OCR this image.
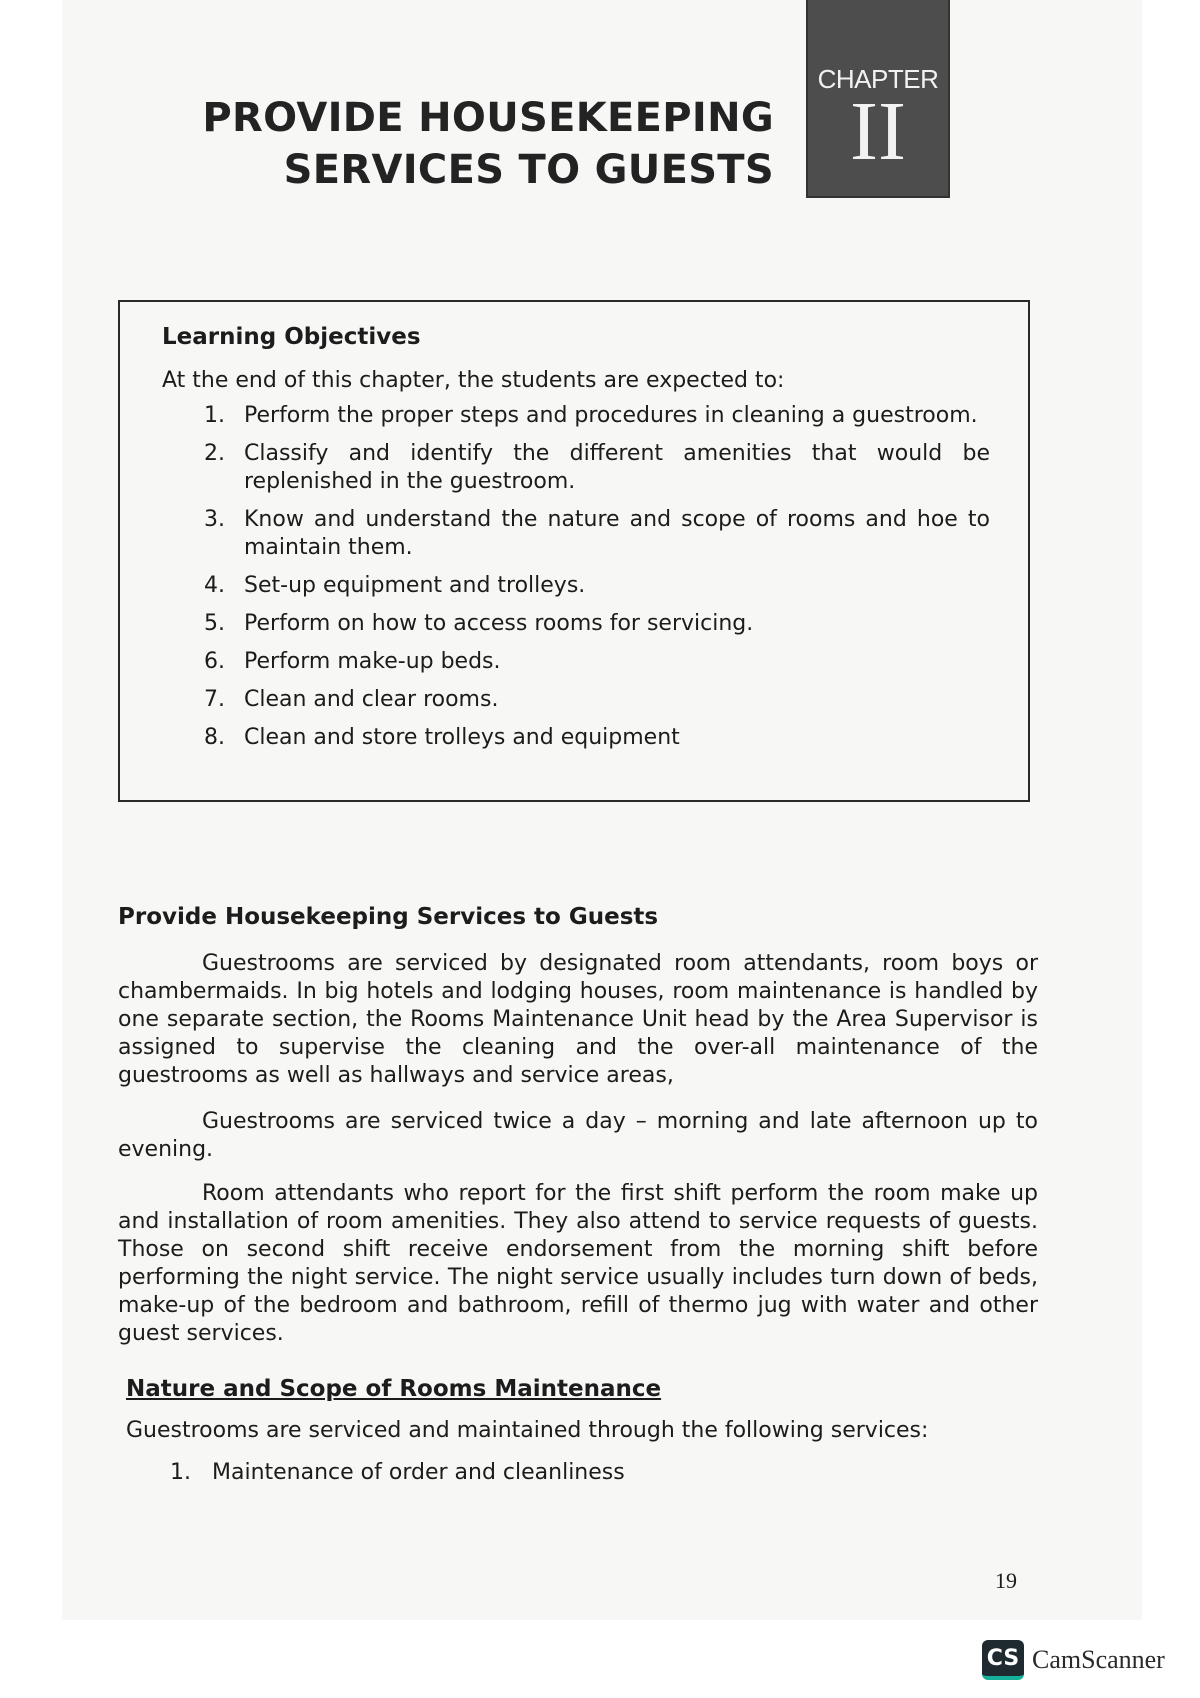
CHAPTER
II
PROVIDE HOUSEKEEPING
SERVICES TO GUESTS
Learning Objectives
At the end of this chapter, the students are expected to:
1. Perform the proper steps and procedures in cleaning a guestroom.
2. Classify and identify the different amenities that would be replenished in the guestroom.
3. Know and understand the nature and scope of rooms and hoe to maintain them.
4. Set-up equipment and trolleys.
5. Perform on how to access rooms for servicing.
6. Perform make-up beds.
7. Clean and clear rooms.
8. Clean and store trolleys and equipment
Provide Housekeeping Services to Guests

Guestrooms are serviced by designated room attendants, room boys or chambermaids. In big hotels and lodging houses, room maintenance is handled by one separate section, the Rooms Maintenance Unit head by the Area Supervisor is assigned to supervise the cleaning and the over-all maintenance of the guestrooms as well as hallways and service areas,

Guestrooms are serviced twice a day – morning and late afternoon up to evening.

Room attendants who report for the first shift perform the room make up and installation of room amenities. They also attend to service requests of guests. Those on second shift receive endorsement from the morning shift before performing the night service. The night service usually includes turn down of beds, make-up of the bedroom and bathroom, refill of thermo jug with water and other guest services.

Nature and Scope of Rooms Maintenance
Guestrooms are serviced and maintained through the following services:
1. Maintenance of order and cleanliness
19
CS CamScanner
